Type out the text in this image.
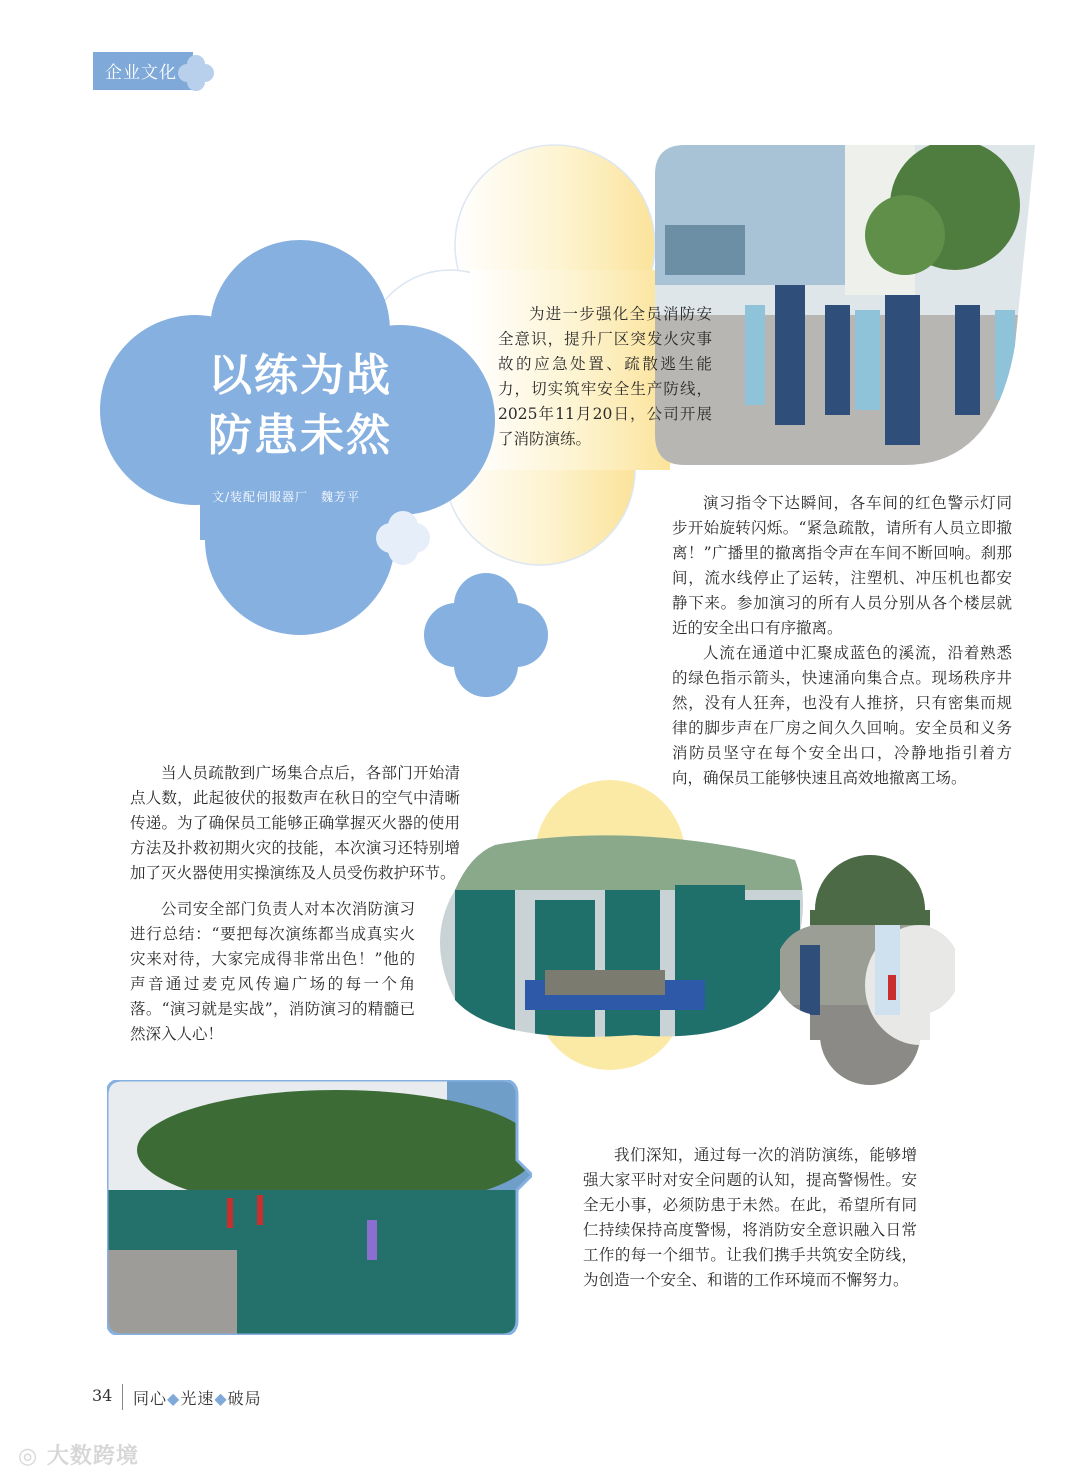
企业文化
以练为战
防患未然
文/装配伺服器厂　魏芳平

为进一步强化全员消防安全意识，提升厂区突发火灾事故的应急处置、疏散逃生能力，切实筑牢安全生产防线，2025年11月20日，公司开展了消防演练。

演习指令下达瞬间，各车间的红色警示灯同步开始旋转闪烁。“紧急疏散，请所有人员立即撤离！”广播里的撤离指令声在车间不断回响。刹那间，流水线停止了运转，注塑机、冲压机也都安静下来。参加演习的所有人员分别从各个楼层就近的安全出口有序撤离。

人流在通道中汇聚成蓝色的溪流，沿着熟悉的绿色指示箭头，快速涌向集合点。现场秩序井然，没有人狂奔，也没有人推挤，只有密集而规律的脚步声在厂房之间久久回响。安全员和义务消防员坚守在每个安全出口，冷静地指引着方向，确保员工能够快速且高效地撤离工场。

当人员疏散到广场集合点后，各部门开始清点人数，此起彼伏的报数声在秋日的空气中清晰传递。为了确保员工能够正确掌握灭火器的使用方法及扑救初期火灾的技能，本次演习还特别增加了灭火器使用实操演练及人员受伤救护环节。

公司安全部门负责人对本次消防演习进行总结：“要把每次演练都当成真实火灾来对待，大家完成得非常出色！”他的声音通过麦克风传遍广场的每一个角落。“演习就是实战”，消防演习的精髓已然深入人心！

我们深知，通过每一次的消防演练，能够增强大家平时对安全问题的认知，提高警惕性。安全无小事，必须防患于未然。在此，希望所有同仁持续保持高度警惕，将消防安全意识融入日常工作的每一个细节。让我们携手共筑安全防线，为创造一个安全、和谐的工作环境而不懈努力。

34 同心◆光速◆破局
◎ 大数跨境
